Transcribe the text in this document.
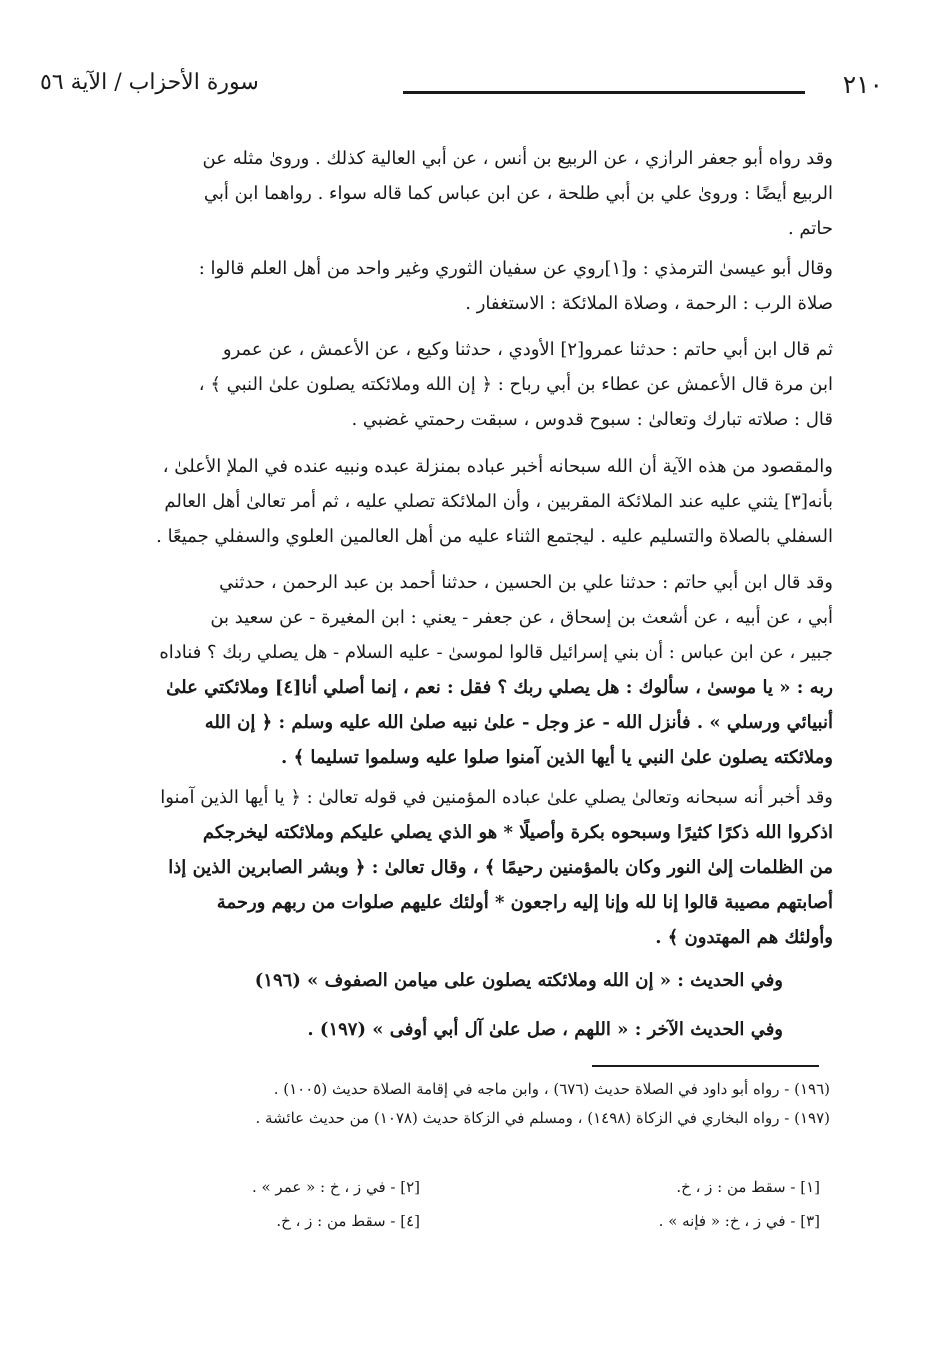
٢١٠
سورة الأحزاب / الآية ٥٦
وقد رواه أبو جعفر الرازي ، عن الربيع بن أنس ، عن أبي العالية كذلك . وروىٰ مثله عن
الربيع أيضًا : وروىٰ علي بن أبي طلحة ، عن ابن عباس كما قاله سواء . رواهما ابن أبي
حاتم .
وقال أبو عيسىٰ الترمذي : و[١]روي عن سفيان الثوري وغير واحد من أهل العلم قالوا :
صلاة الرب : الرحمة ، وصلاة الملائكة : الاستغفار .
ثم قال ابن أبي حاتم : حدثنا عمرو[٢] الأودي ، حدثنا وكيع ، عن الأعمش ، عن عمرو
ابن مرة قال الأعمش عن عطاء بن أبي رباح : ﴿ إن الله وملائكته يصلون علىٰ النبي ﴾ ،
قال : صلاته تبارك وتعالىٰ : سبوح قدوس ، سبقت رحمتي غضبي .
والمقصود من هذه الآية أن الله سبحانه أخبر عباده بمنزلة عبده ونبيه عنده في الملإ الأعلىٰ ،
بأنه[٣] يثني عليه عند الملائكة المقربين ، وأن الملائكة تصلي عليه ، ثم أمر تعالىٰ أهل العالم
السفلي بالصلاة والتسليم عليه . ليجتمع الثناء عليه من أهل العالمين العلوي والسفلي جميعًا .
وقد قال ابن أبي حاتم : حدثنا علي بن الحسين ، حدثنا أحمد بن عبد الرحمن ، حدثني
أبي ، عن أبيه ، عن أشعث بن إسحاق ، عن جعفر - يعني : ابن المغيرة - عن سعيد بن
جبير ، عن ابن عباس : أن بني إسرائيل قالوا لموسىٰ - عليه السلام - هل يصلي ربك ؟ فناداه
ربه : « يا موسىٰ ، سألوك : هل يصلي ربك ؟ فقل : نعم ، إنما أصلي أنا[٤] وملائكتي علىٰ
أنبيائي ورسلي » . فأنزل الله - عز وجل - علىٰ نبيه صلىٰ الله عليه وسلم : ﴿ إن الله
وملائكته يصلون علىٰ النبي يا أيها الذين آمنوا صلوا عليه وسلموا تسليما ﴾ .
وقد أخبر أنه سبحانه وتعالىٰ يصلي علىٰ عباده المؤمنين في قوله تعالىٰ : ﴿ يا أيها الذين آمنوا
اذكروا الله ذكرًا كثيرًا وسبحوه بكرة وأصيلًا * هو الذي يصلي عليكم وملائكته ليخرجكم
من الظلمات إلىٰ النور وكان بالمؤمنين رحيمًا ﴾ ، وقال تعالىٰ : ﴿ وبشر الصابرين الذين إذا
أصابتهم مصيبة قالوا إنا لله وإنا إليه راجعون * أولئك عليهم صلوات من ربهم ورحمة
وأولئك هم المهتدون ﴾ .
وفي الحديث : « إن الله وملائكته يصلون على ميامن الصفوف » (١٩٦)
وفي الحديث الآخر : « اللهم ، صل علىٰ آل أبي أوفى » (١٩٧) .
(١٩٦) - رواه أبو داود في الصلاة حديث (٦٧٦) ، وابن ماجه في إقامة الصلاة حديث (١٠٠٥) .
(١٩٧) - رواه البخاري في الزكاة (١٤٩٨) ، ومسلم في الزكاة حديث (١٠٧٨) من حديث عائشة .
[١] - سقط من : ز ، خ.
[٢] - في ز ، خ : « عمر » .
[٣] - في ز ، خ: « فإنه » .
[٤] - سقط من : ز ، خ.
